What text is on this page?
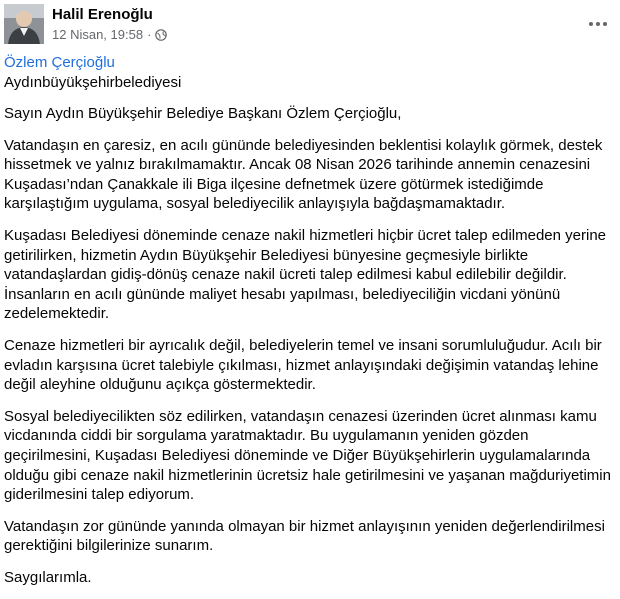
Halil Erenoğlu
12 Nisan, 19:58 ·
Özlem Çerçioğlu
Aydınbüyükşehirbelediyesi

Sayın Aydın Büyükşehir Belediye Başkanı Özlem Çerçioğlu,

Vatandaşın en çaresiz, en acılı gününde belediyesinden beklentisi kolaylık görmek, destek hissetmek ve yalnız bırakılmamaktır. Ancak 08 Nisan 2026 tarihinde annemin cenazesini Kuşadası’ndan Çanakkale ili Biga ilçesine defnetmek üzere götürmek istediğimde karşılaştığım uygulama, sosyal belediyecilik anlayışıyla bağdaşmamaktadır.

Kuşadası Belediyesi döneminde cenaze nakil hizmetleri hiçbir ücret talep edilmeden yerine getirilirken, hizmetin Aydın Büyükşehir Belediyesi bünyesine geçmesiyle birlikte vatandaşlardan gidiş-dönüş cenaze nakil ücreti talep edilmesi kabul edilebilir değildir. İnsanların en acılı gününde maliyet hesabı yapılması, belediyeciliğin vicdani yönünü zedelemektedir.

Cenaze hizmetleri bir ayrıcalık değil, belediyelerin temel ve insani sorumluluğudur. Acılı bir evladın karşısına ücret talebiyle çıkılması, hizmet anlayışındaki değişimin vatandaş lehine değil aleyhine olduğunu açıkça göstermektedir.

Sosyal belediyecilikten söz edilirken, vatandaşın cenazesi üzerinden ücret alınması kamu vicdanında ciddi bir sorgulama yaratmaktadır. Bu uygulamanın yeniden gözden geçirilmesini, Kuşadası Belediyesi döneminde ve Diğer Büyükşehirlerin uygulamalarında olduğu gibi cenaze nakil hizmetlerinin ücretsiz hale getirilmesini ve yaşanan mağduriyetimin giderilmesini talep ediyorum.

Vatandaşın zor gününde yanında olmayan bir hizmet anlayışının yeniden değerlendirilmesi gerektiğini bilgilerinize sunarım.

Saygılarımla.
